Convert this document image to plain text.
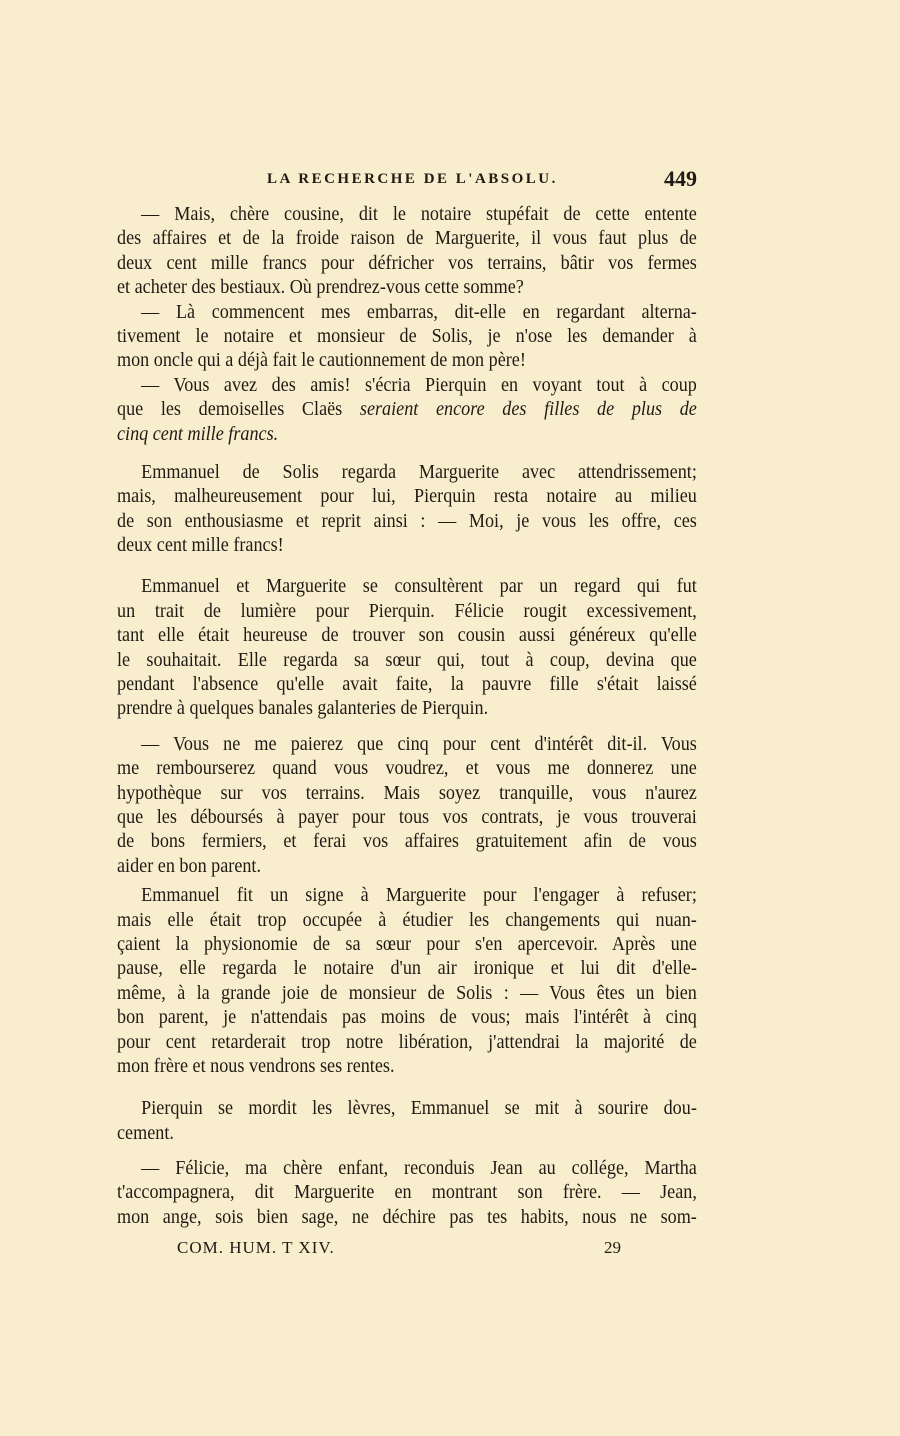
LA RECHERCHE DE L'ABSOLU.	449
— Mais, chère cousine, dit le notaire stupéfait de cette entente
des affaires et de la froide raison de Marguerite, il vous faut plus de
deux cent mille francs pour défricher vos terrains, bâtir vos fermes
et acheter des bestiaux. Où prendrez-vous cette somme?
— Là commencent mes embarras, dit-elle en regardant alterna-
tivement le notaire et monsieur de Solis, je n'ose les demander à
mon oncle qui a déjà fait le cautionnement de mon père!
— Vous avez des amis! s'écria Pierquin en voyant tout à coup
que les demoiselles Claës seraient encore des filles de plus de
cinq cent mille francs.
Emmanuel de Solis regarda Marguerite avec attendrissement;
mais, malheureusement pour lui, Pierquin resta notaire au milieu
de son enthousiasme et reprit ainsi : — Moi, je vous les offre, ces
deux cent mille francs!
Emmanuel et Marguerite se consultèrent par un regard qui fut
un trait de lumière pour Pierquin. Félicie rougit excessivement,
tant elle était heureuse de trouver son cousin aussi généreux qu'elle
le souhaitait. Elle regarda sa sœur qui, tout à coup, devina que
pendant l'absence qu'elle avait faite, la pauvre fille s'était laissé
prendre à quelques banales galanteries de Pierquin.
— Vous ne me paierez que cinq pour cent d'intérêt dit-il. Vous
me rembourserez quand vous voudrez, et vous me donnerez une
hypothèque sur vos terrains. Mais soyez tranquille, vous n'aurez
que les déboursés à payer pour tous vos contrats, je vous trouverai
de bons fermiers, et ferai vos affaires gratuitement afin de vous
aider en bon parent.
Emmanuel fit un signe à Marguerite pour l'engager à refuser;
mais elle était trop occupée à étudier les changements qui nuan-
çaient la physionomie de sa sœur pour s'en apercevoir. Après une
pause, elle regarda le notaire d'un air ironique et lui dit d'elle-
même, à la grande joie de monsieur de Solis : — Vous êtes un bien
bon parent, je n'attendais pas moins de vous; mais l'intérêt à cinq
pour cent retarderait trop notre libération, j'attendrai la majorité de
mon frère et nous vendrons ses rentes.
Pierquin se mordit les lèvres, Emmanuel se mit à sourire dou-
cement.
— Félicie, ma chère enfant, reconduis Jean au collége, Martha
t'accompagnera, dit Marguerite en montrant son frère. — Jean,
mon ange, sois bien sage, ne déchire pas tes habits, nous ne som-
COM. HUM. T XIV.	29
